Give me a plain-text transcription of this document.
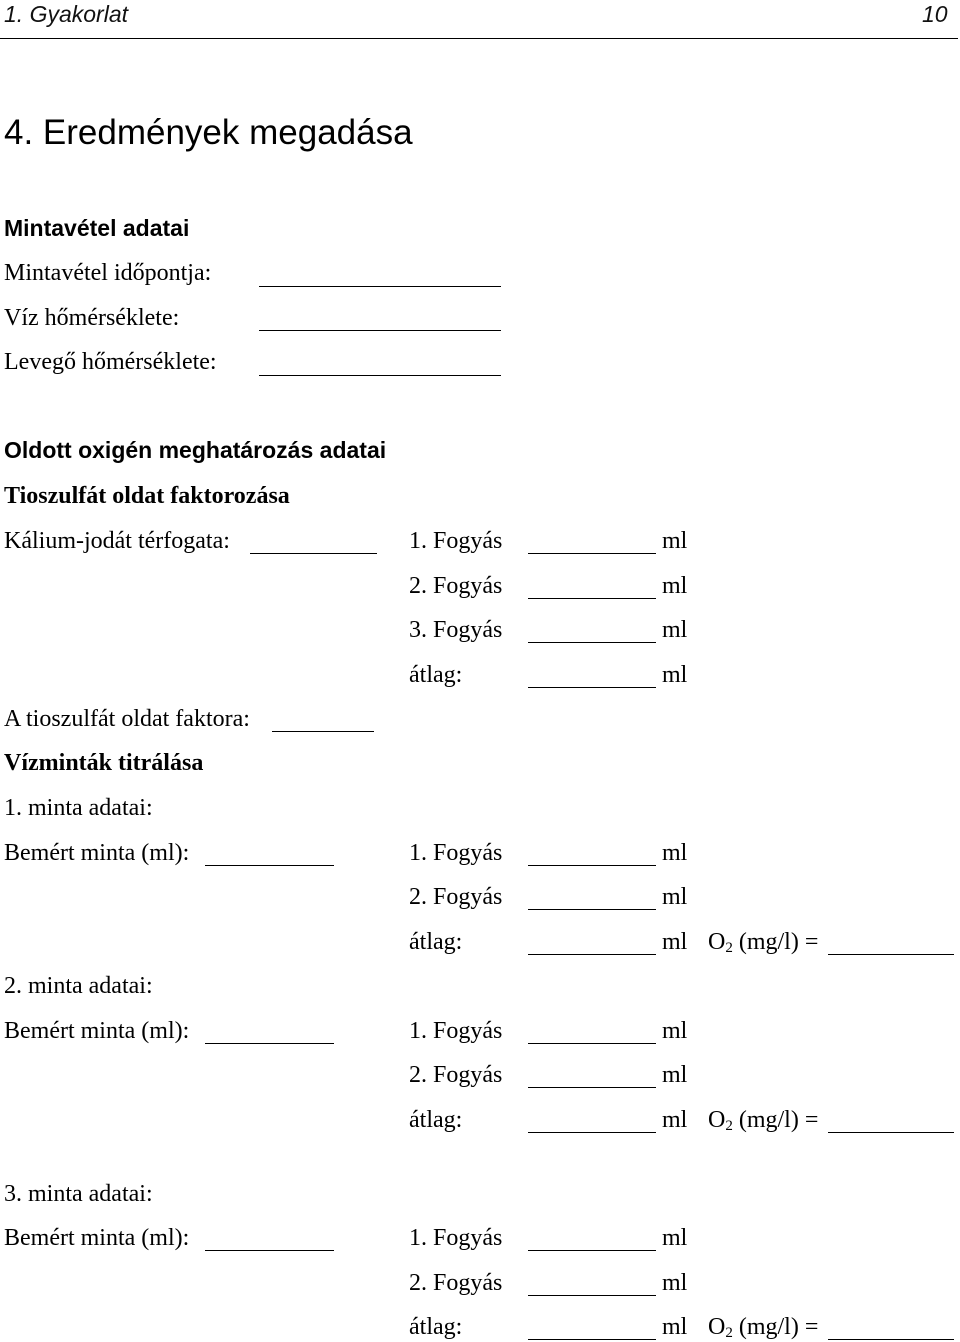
1. Gyakorlat	10
4. Eredmények megadása
Mintavétel adatai
Mintavétel időpontja:
Víz hőmérséklete:
Levegő hőmérséklete:
Oldott oxigén meghatározás adatai
Tioszulfát oldat faktorozása
Kálium-jodát térfogata:	1. Fogyás	ml
2. Fogyás	ml
3. Fogyás	ml
átlag:	ml
A tioszulfát oldat faktora:
Vízminták titrálása
1. minta adatai:
Bemért minta (ml):	1. Fogyás	ml
2. Fogyás	ml
átlag:	ml $O_2$ (mg/l) =
2. minta adatai:
Bemért minta (ml):	1. Fogyás	ml
2. Fogyás	ml
átlag:	ml $O_2$ (mg/l) =
3. minta adatai:
Bemért minta (ml):	1. Fogyás	ml
2. Fogyás	ml
átlag:	ml $O_2$ (mg/l) =
